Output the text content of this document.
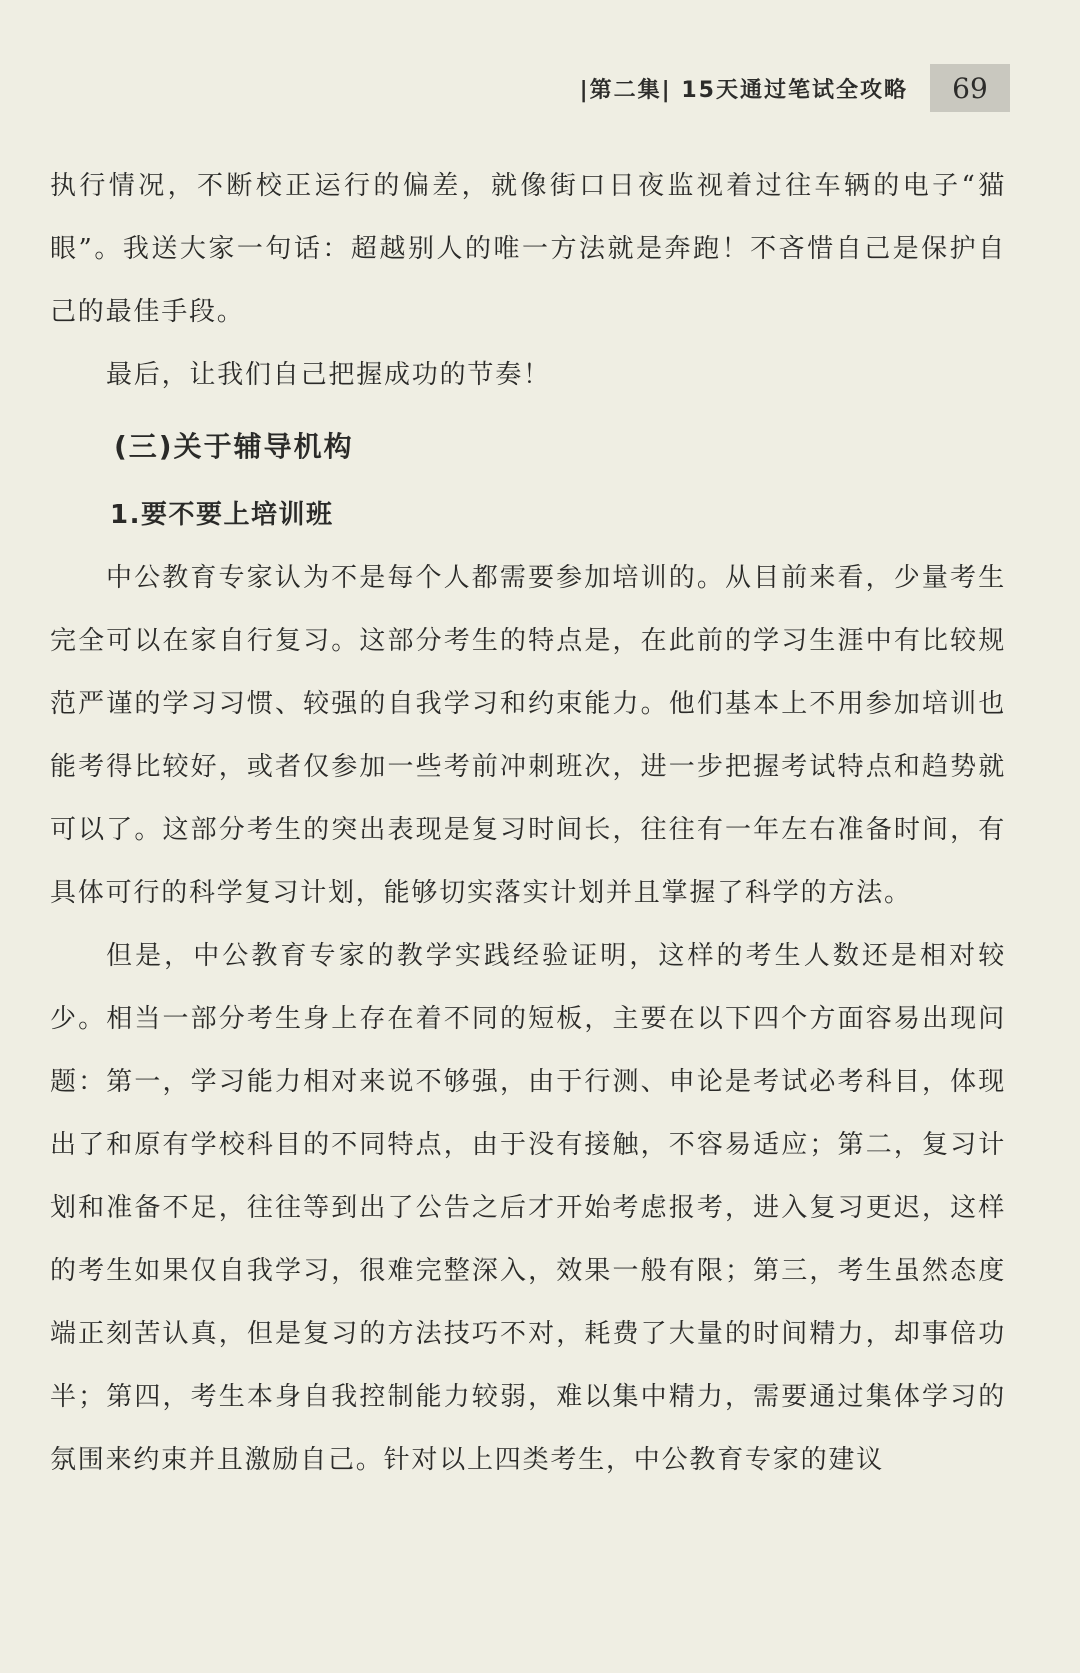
|第二集| 15天通过笔试全攻略	69

执行情况，不断校正运行的偏差，就像街口日夜监视着过往车辆的电子“猫眼”。我送大家一句话：超越别人的唯一方法就是奔跑！不吝惜自己是保护自己的最佳手段。

最后，让我们自己把握成功的节奏！

(三)关于辅导机构
1.要不要上培训班

中公教育专家认为不是每个人都需要参加培训的。从目前来看，少量考生完全可以在家自行复习。这部分考生的特点是，在此前的学习生涯中有比较规范严谨的学习习惯、较强的自我学习和约束能力。他们基本上不用参加培训也能考得比较好，或者仅参加一些考前冲刺班次，进一步把握考试特点和趋势就可以了。这部分考生的突出表现是复习时间长，往往有一年左右准备时间，有具体可行的科学复习计划，能够切实落实计划并且掌握了科学的方法。

但是，中公教育专家的教学实践经验证明，这样的考生人数还是相对较少。相当一部分考生身上存在着不同的短板，主要在以下四个方面容易出现问题：第一，学习能力相对来说不够强，由于行测、申论是考试必考科目，体现出了和原有学校科目的不同特点，由于没有接触，不容易适应；第二，复习计划和准备不足，往往等到出了公告之后才开始考虑报考，进入复习更迟，这样的考生如果仅自我学习，很难完整深入，效果一般有限；第三，考生虽然态度端正刻苦认真，但是复习的方法技巧不对，耗费了大量的时间精力，却事倍功半；第四，考生本身自我控制能力较弱，难以集中精力，需要通过集体学习的氛围来约束并且激励自己。针对以上四类考生，中公教育专家的建议
